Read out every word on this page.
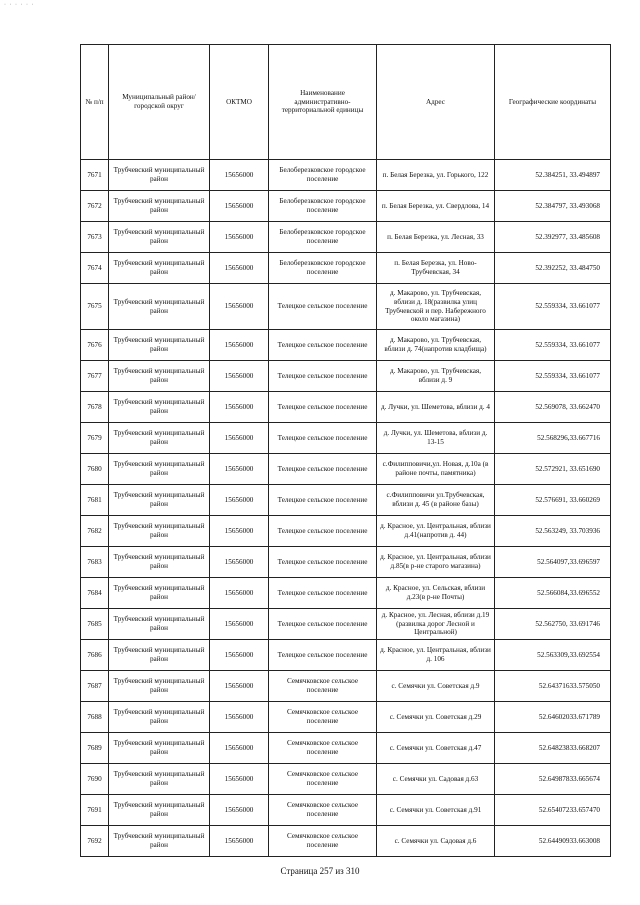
· · · · · ·
№ п/п	Муниципальный район/городской округ	ОКТМО	Наименование административно-территориальной единицы	Адрес	Географические координаты
7671	Трубчевский муниципальный район	15656000	Белоберезковское городское поселение	п. Белая Березка, ул. Горького, 122	52.384251, 33.494897
7672	Трубчевский муниципальный район	15656000	Белоберезковское городское поселение	п. Белая Березка, ул. Свердлова, 14	52.384797, 33.493068
7673	Трубчевский муниципальный район	15656000	Белоберезковское городское поселение	п. Белая Березка, ул. Лесная, 33	52.392977, 33.485608
7674	Трубчевский муниципальный район	15656000	Белоберезковское городское поселение	п. Белая Березка, ул. Ново-Трубчевская, 34	52.392252, 33.484750
7675	Трубчевский муниципальный район	15656000	Телецкое сельское поселение	д. Макарово, ул. Трубчевская, вблизи д. 18(развилка улиц Трубчевской и пер. Набережного около магазина)	52.559334, 33.661077
7676	Трубчевский муниципальный район	15656000	Телецкое сельское поселение	д. Макарово, ул. Трубчевская, вблизи д. 74(напротив кладбища)	52.559334, 33.661077
7677	Трубчевский муниципальный район	15656000	Телецкое сельское поселение	д. Макарово, ул. Трубчевская, вблизи д. 9	52.559334, 33.661077
7678	Трубчевский муниципальный район	15656000	Телецкое сельское поселение	д. Лучки, ул. Шеметова, вблизи д. 4	52.569078, 33.662470
7679	Трубчевский муниципальный район	15656000	Телецкое сельское поселение	д. Лучки, ул. Шеметова, вблизи д. 13-15	52.568296,33.667716
7680	Трубчевский муниципальный район	15656000	Телецкое сельское поселение	с.Филипповичи,ул. Новая, д.10а (в районе почты, памятника)	52.572921, 33.651690
7681	Трубчевский муниципальный район	15656000	Телецкое сельское поселение	с.Филипповичи ул.Трубчевская, вблизи д. 45 (в районе базы)	52.576691, 33.660269
7682	Трубчевский муниципальный район	15656000	Телецкое сельское поселение	д. Красное, ул. Центральная, вблизи д.41(напротив д. 44)	52.563249, 33.703936
7683	Трубчевский муниципальный район	15656000	Телецкое сельское поселение	д. Красное, ул. Центральная, вблизи д.85(в р-не старого магазина)	52.564097,33.696597
7684	Трубчевский муниципальный район	15656000	Телецкое сельское поселение	д. Красное, ул. Сельская, вблизи д.23(в р-не Почты)	52.566084,33.696552
7685	Трубчевский муниципальный район	15656000	Телецкое сельское поселение	д. Красное, ул. Лесная, вблизи д.19 (развилка дорог Лесной и Центральной)	52.562750, 33.691746
7686	Трубчевский муниципальный район	15656000	Телецкое сельское поселение	д. Красное, ул. Центральная, вблизи д. 106	52.563309,33.692554
7687	Трубчевский муниципальный район	15656000	Семячковское сельское поселение	с. Семячки ул. Советская д.9	52.64371633.575050
7688	Трубчевский муниципальный район	15656000	Семячковское сельское поселение	с. Семячки ул. Советская д.29	52.64602033.671789
7689	Трубчевский муниципальный район	15656000	Семячковское сельское поселение	с. Семячки ул. Советская д.47	52.64823833.668207
7690	Трубчевский муниципальный район	15656000	Семячковское сельское поселение	с. Семячки ул. Садовая д.63	52.64987833.665674
7691	Трубчевский муниципальный район	15656000	Семячковское сельское поселение	с. Семячки ул. Советская д.91	52.65407233.657470
7692	Трубчевский муниципальный район	15656000	Семячковское сельское поселение	с. Семячки ул. Садовая д.6	52.64490933.663008
Страница 257 из 310
